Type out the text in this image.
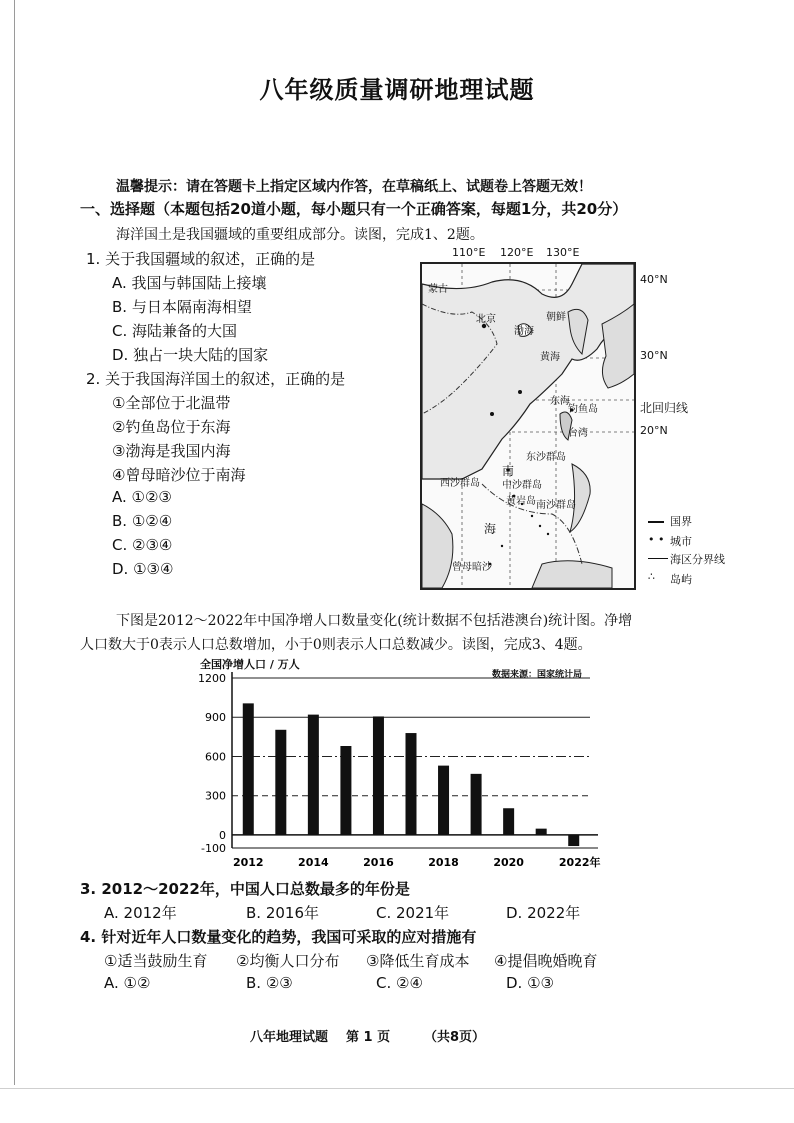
八年级质量调研地理试题
温馨提示：请在答题卡上指定区域内作答，在草稿纸上、试题卷上答题无效！
一、选择题（本题包括20道小题，每小题只有一个正确答案，每题1分，共20分）
海洋国土是我国疆域的重要组成部分。读图，完成1、2题。
1. 关于我国疆域的叙述，正确的是
A. 我国与韩国陆上接壤
B. 与日本隔南海相望
C. 海陆兼备的大国
D. 独占一块大陆的国家
2. 关于我国海洋国土的叙述，正确的是
①全部位于北温带
②钓鱼岛位于东海
③渤海是我国内海
④曾母暗沙位于南海
A. ①②③
B. ①②④
C. ②③④
D. ①③④
110°E 120°E 130°E
蒙古
北京
渤海
朝鲜
黄海
东海
钓鱼岛
台湾
东沙群岛
南
西沙群岛 中沙群岛
黄岩岛
海
南沙群岛
曾母暗沙
40°N
30°N
北回归线
20°N
国界
• • 城市
海区分界线
∴ 岛屿
下图是2012～2022年中国净增人口数量变化(统计数据不包括港澳台)统计图。净增
人口数大于0表示人口总数增加，小于0则表示人口总数减少。读图，完成3、4题。
全国净增人口 / 万人
数据来源：国家统计局
-100
0
300
600
900
1200
2012	2014	2016	2018	2020	2022年
3. 2012～2022年，中国人口总数最多的年份是
A. 2012年	B. 2016年	C. 2021年	D. 2022年
4. 针对近年人口数量变化的趋势，我国可采取的应对措施有
①适当鼓励生育 ②均衡人口分布 ③降低生育成本 ④提倡晚婚晚育
A. ①②	B. ②③	C. ②④	D. ①③
八年地理试题 第 1 页	（共8页）
